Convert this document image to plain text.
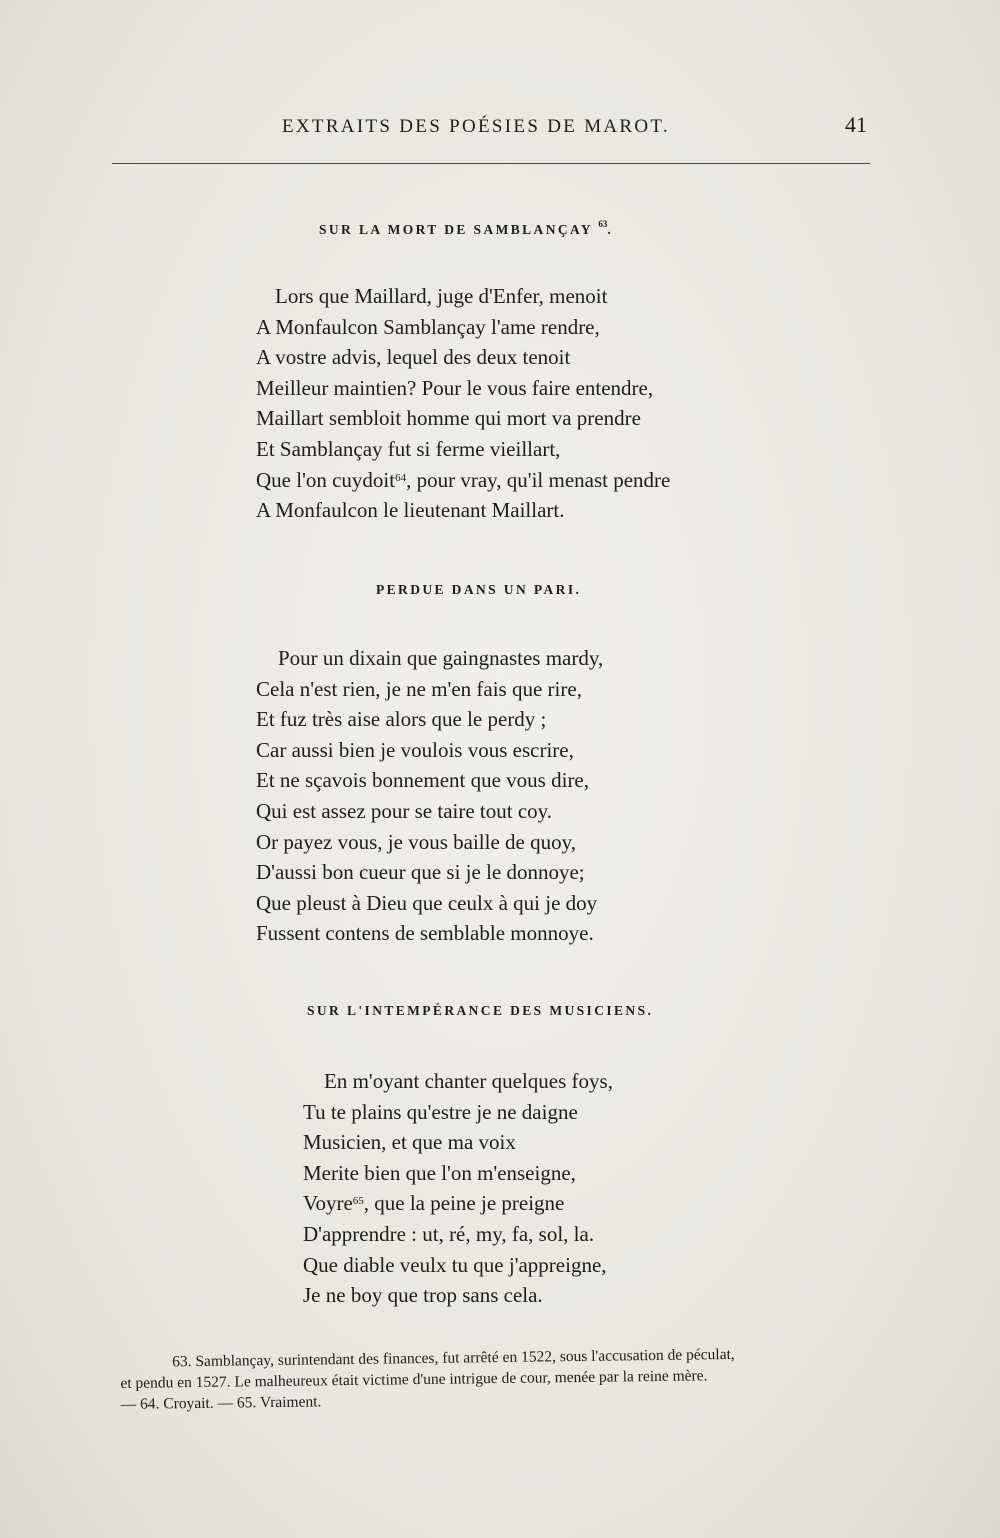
EXTRAITS DES POÉSIES DE MAROT.	41
SUR LA MORT DE SAMBLANÇAY $^{63}$.
Lors que Maillard, juge d'Enfer, menoit
A Monfaulcon Samblançay l'ame rendre,
A vostre advis, lequel des deux tenoit
Meilleur maintien? Pour le vous faire entendre,
Maillart sembloit homme qui mort va prendre
Et Samblançay fut si ferme vieillart,
Que l'on cuydoit$^{64}$, pour vray, qu'il menast pendre
A Monfaulcon le lieutenant Maillart.
PERDUE DANS UN PARI.
Pour un dixain que gaingnastes mardy,
Cela n'est rien, je ne m'en fais que rire,
Et fuz très aise alors que le perdy ;
Car aussi bien je voulois vous escrire,
Et ne sçavois bonnement que vous dire,
Qui est assez pour se taire tout coy.
Or payez vous, je vous baille de quoy,
D'aussi bon cueur que si je le donnoye;
Que pleust à Dieu que ceulx à qui je doy
Fussent contens de semblable monnoye.
SUR L'INTEMPÉRANCE DES MUSICIENS.
En m'oyant chanter quelques foys,
Tu te plains qu'estre je ne daigne
Musicien, et que ma voix
Merite bien que l'on m'enseigne,
Voyre$^{65}$, que la peine je preigne
D'apprendre : ut, ré, my, fa, sol, la.
Que diable veulx tu que j'appreigne,
Je ne boy que trop sans cela.
63. Samblançay, surintendant des finances, fut arrêté en 1522, sous l'accusation de péculat,
et pendu en 1527. Le malheureux était victime d'une intrigue de cour, menée par la reine mère.
— 64. Croyait. — 65. Vraiment.
